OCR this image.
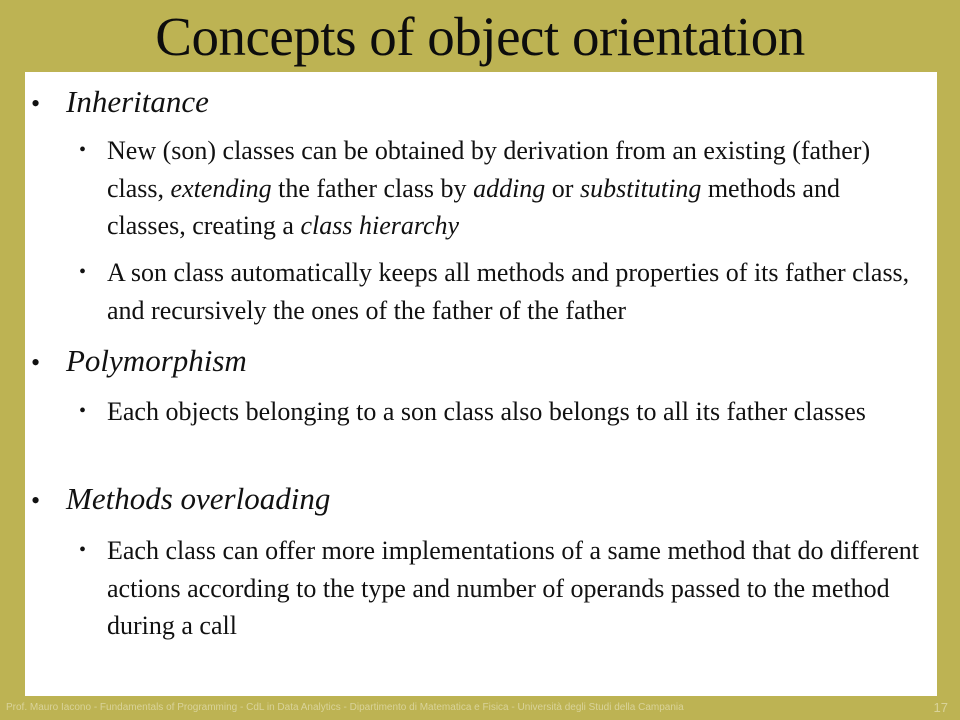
Concepts of object orientation
• Inheritance
• New (son) classes can be obtained by derivation from an existing (father) class, extending the father class by adding or substituting methods and classes, creating a class hierarchy
• A son class automatically keeps all methods and properties of its father class, and recursively the ones of the father of the father
• Polymorphism
• Each objects belonging to a son class also belongs to all its father classes
• Methods overloading
• Each class can offer more implementations of a same method that do different actions according to the type and number of operands passed to the method during a call
Prof. Mauro Iacono - Fundamentals of Programming - CdL in Data Analytics - Dipartimento di Matematica e Fisica - Università degli Studi della Campania	17
